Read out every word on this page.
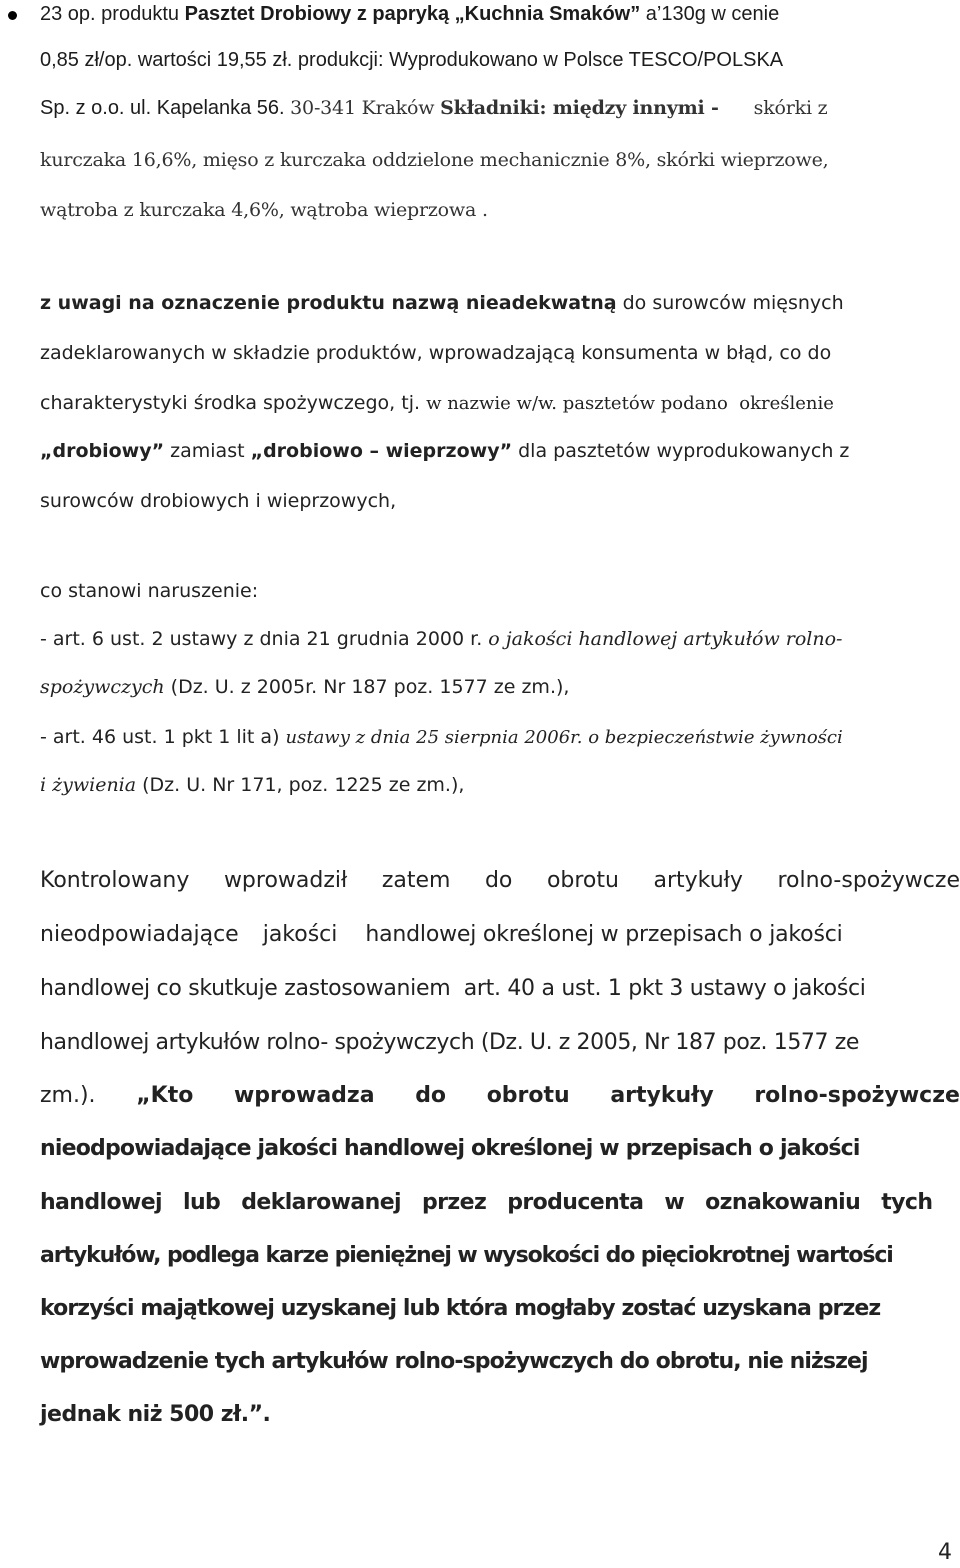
23 op. produktu Pasztet Drobiowy z papryką „Kuchnia Smaków” a’130g w cenie
0,85 zł/op. wartości 19,55 zł. produkcji: Wyprodukowano w Polsce TESCO/POLSKA
Sp. z o.o. ul. Kapelanka 56. 30-341 Kraków Składniki: między innymi -      skórki z
kurczaka 16,6%, mięso z kurczaka oddzielone mechanicznie 8%, skórki wieprzowe,
wątroba z kurczaka 4,6%, wątroba wieprzowa .
z uwagi na oznaczenie produktu nazwą nieadekwatną do surowców mięsnych
zadeklarowanych w składzie produktów, wprowadzającą konsumenta w błąd, co do
charakterystyki środka spożywczego, tj. w nazwie w/w. pasztetów podano  określenie
„drobiowy” zamiast „drobiowo – wieprzowy” dla pasztetów wyprodukowanych z
surowców drobiowych i wieprzowych,
co stanowi naruszenie:
- art. 6 ust. 2 ustawy z dnia 21 grudnia 2000 r. o jakości handlowej artykułów rolno-
spożywczych (Dz. U. z 2005r. Nr 187 poz. 1577 ze zm.),
- art. 46 ust. 1 pkt 1 lit a) ustawy z dnia 25 sierpnia 2006r. o bezpieczeństwie żywności
i żywienia (Dz. U. Nr 171, poz. 1225 ze zm.),
Kontrolowany wprowadził zatem do obrotu artykuły rolno-spożywcze
nieodpowiadające jakości handlowej określonej w przepisach o jakości
handlowej co skutkuje zastosowaniem  art. 40 a ust. 1 pkt 3 ustawy o jakości
handlowej artykułów rolno- spożywczych (Dz. U. z 2005, Nr 187 poz. 1577 ze
zm.). „Kto wprowadza do obrotu artykuły rolno-spożywcze
nieodpowiadające jakości handlowej określonej w przepisach o jakości
handlowej lub deklarowanej przez producenta w oznakowaniu tych
artykułów, podlega karze pieniężnej w wysokości do pięciokrotnej wartości
korzyści majątkowej uzyskanej lub która mogłaby zostać uzyskana przez
wprowadzenie tych artykułów rolno-spożywczych do obrotu, nie niższej
jednak niż 500 zł.”.
4
